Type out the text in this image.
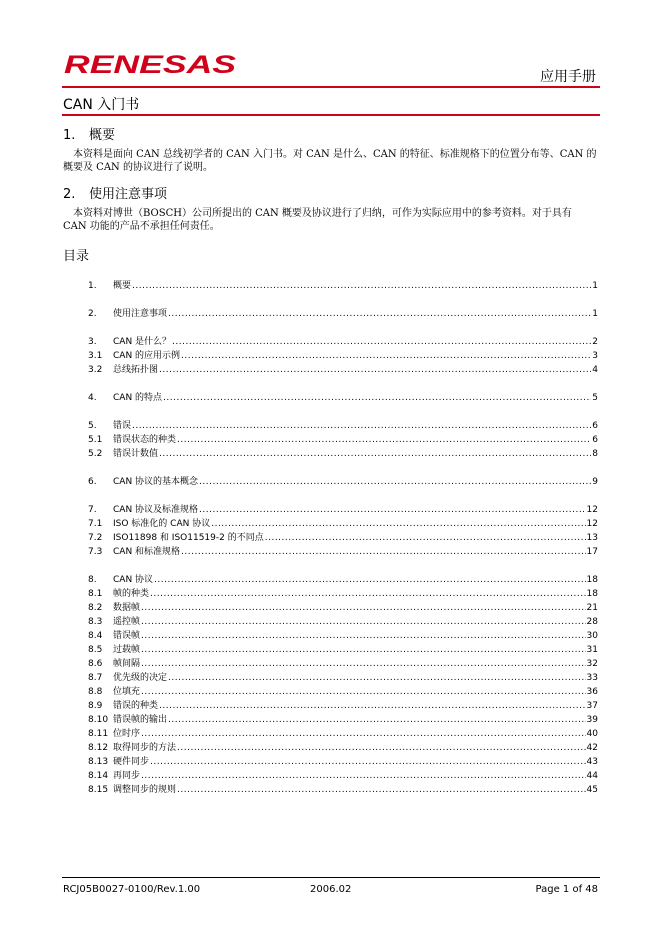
RENESAS	应用手册
CAN 入门书
1. 概要
本资料是面向 CAN 总线初学者的 CAN 入门书。对 CAN 是什么、CAN 的特征、标准规格下的位置分布等、CAN 的概要及 CAN 的协议进行了说明。
2. 使用注意事项
本资料对博世（BOSCH）公司所提出的 CAN 概要及协议进行了归纳，可作为实际应用中的参考资料。对于具有 CAN 功能的产品不承担任何责任。
目录
1.	概要 .....	1
2.	使用注意事项 .....	1
3.	CAN 是什么？ .....	2
3.1	CAN 的应用示例 .....	3
3.2	总线拓扑图 .....	4
4.	CAN 的特点 .....	5
5.	错误 .....	6
5.1	错误状态的种类 .....	6
5.2	错误计数值 .....	8
6.	CAN 协议的基本概念 .....	9
7.	CAN 协议及标准规格 .....	12
7.1	ISO 标准化的 CAN 协议 .....	12
7.2	ISO11898 和 ISO11519-2 的不同点 .....	13
7.3	CAN 和标准规格 .....	17
8.	CAN 协议 .....	18
8.1	帧的种类 .....	18
8.2	数据帧 .....	21
8.3	遥控帧 .....	28
8.4	错误帧 .....	30
8.5	过载帧 .....	31
8.6	帧间隔 .....	32
8.7	优先级的决定 .....	33
8.8	位填充 .....	36
8.9	错误的种类 .....	37
8.10 错误帧的输出 .....	39
8.11 位时序 .....	40
8.12 取得同步的方法 .....	42
8.13 硬件同步 .....	43
8.14 再同步 .....	44
8.15 调整同步的规则 .....	45
RCJ05B0027-0100/Rev.1.00	2006.02	Page 1 of 48
